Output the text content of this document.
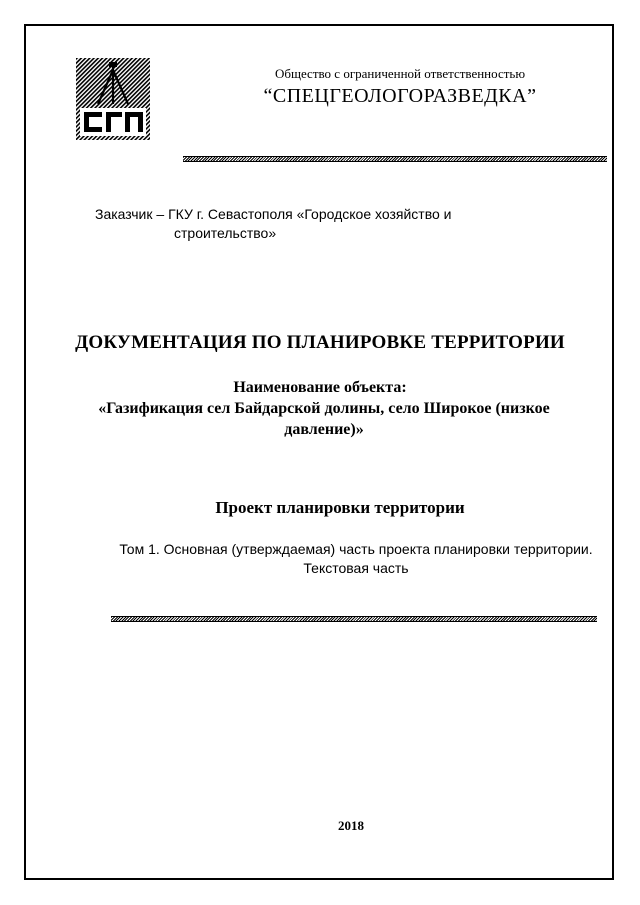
Общество с ограниченной ответственностью
“СПЕЦГЕОЛОГОРАЗВЕДКА”
Заказчик – ГКУ г. Севастополя «Городское хозяйство и
строительство»
ДОКУМЕНТАЦИЯ ПО ПЛАНИРОВКЕ ТЕРРИТОРИИ
Наименование объекта:
«Газификация сел Байдарской долины, село Широкое (низкое давление)»
Проект планировки территории
Том 1. Основная (утверждаемая) часть проекта планировки территории. Текстовая часть
2018
